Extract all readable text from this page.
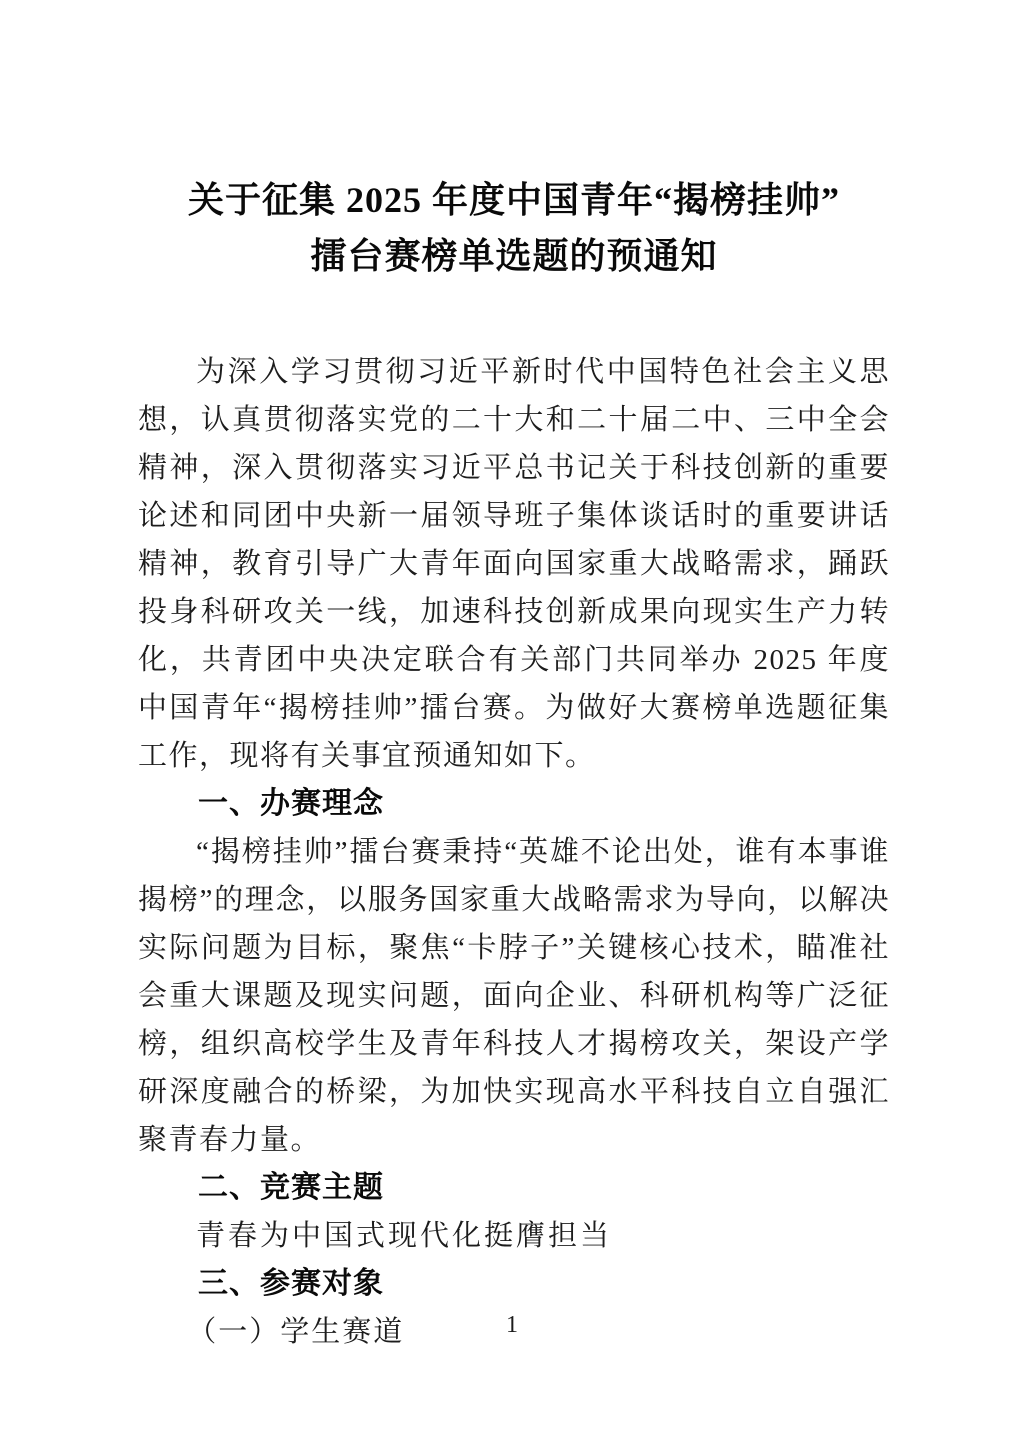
关于征集 2025 年度中国青年“揭榜挂帅”
擂台赛榜单选题的预通知

为深入学习贯彻习近平新时代中国特色社会主义思想，认真贯彻落实党的二十大和二十届二中、三中全会精神，深入贯彻落实习近平总书记关于科技创新的重要论述和同团中央新一届领导班子集体谈话时的重要讲话精神，教育引导广大青年面向国家重大战略需求，踊跃投身科研攻关一线，加速科技创新成果向现实生产力转化，共青团中央决定联合有关部门共同举办 2025 年度中国青年“揭榜挂帅”擂台赛。为做好大赛榜单选题征集工作，现将有关事宜预通知如下。

一、办赛理念

“揭榜挂帅”擂台赛秉持“英雄不论出处，谁有本事谁揭榜”的理念，以服务国家重大战略需求为导向，以解决实际问题为目标，聚焦“卡脖子”关键核心技术，瞄准社会重大课题及现实问题，面向企业、科研机构等广泛征榜，组织高校学生及青年科技人才揭榜攻关，架设产学研深度融合的桥梁，为加快实现高水平科技自立自强汇聚青春力量。

二、竞赛主题

青春为中国式现代化挺膺担当

三、参赛对象

（一）学生赛道	1
